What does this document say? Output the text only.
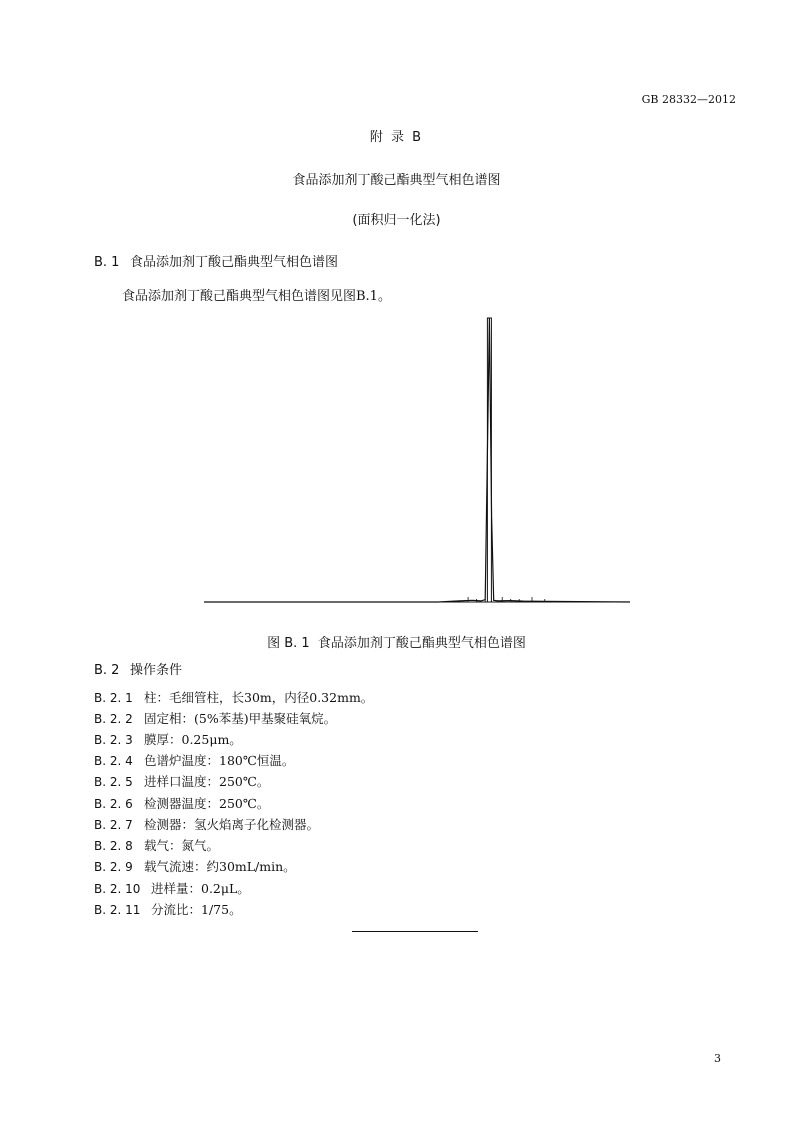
GB 28332—2012
附 录 B
食品添加剂丁酸己酯典型气相色谱图
(面积归一化法)
B. 1 食品添加剂丁酸己酯典型气相色谱图
食品添加剂丁酸己酯典型气相色谱图见图B.1。
图 B. 1 食品添加剂丁酸己酯典型气相色谱图
B. 2 操作条件
B. 2. 1 柱：毛细管柱，长30m，内径0.32mm。
B. 2. 2 固定相：(5%苯基)甲基聚硅氧烷。
B. 2. 3 膜厚：0.25μm。
B. 2. 4 色谱炉温度：180℃恒温。
B. 2. 5 进样口温度：250℃。
B. 2. 6 检测器温度：250℃。
B. 2. 7 检测器：氢火焰离子化检测器。
B. 2. 8 载气：氮气。
B. 2. 9 载气流速：约30mL/min。
B. 2. 10 进样量：0.2μL。
B. 2. 11 分流比：1/75。
3
